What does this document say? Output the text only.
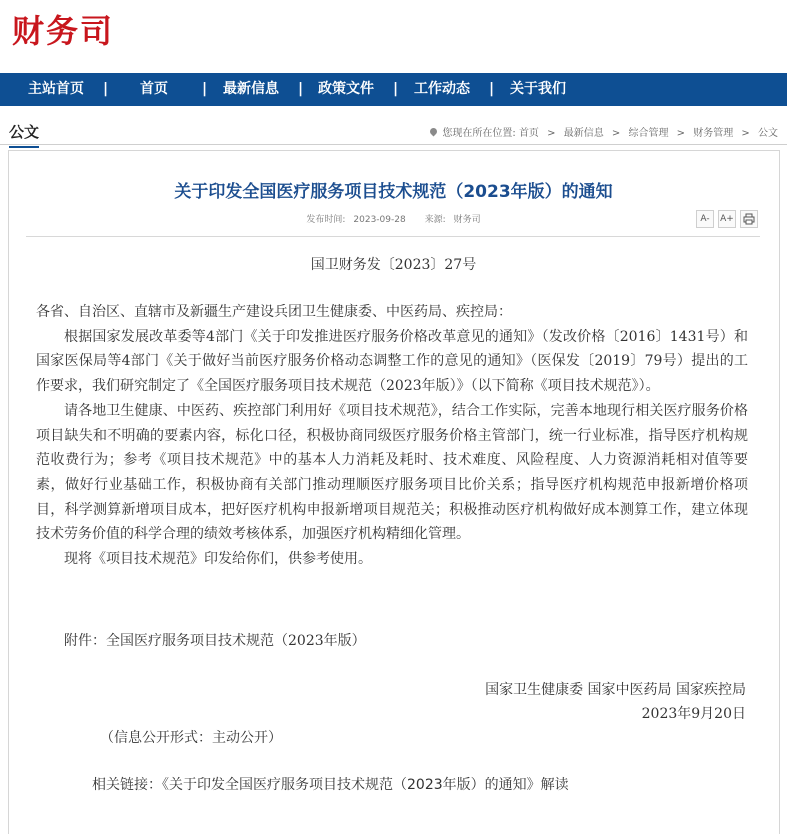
财务司
主站首页 | 首页 | 最新信息 | 政策文件 | 工作动态 | 关于我们
公文	您现在所在位置: 首页 > 最新信息 > 综合管理 > 财务管理 > 公文
关于印发全国医疗服务项目技术规范（2023年版）的通知
发布时间: 2023-09-28 来源: 财务司	A-	A+
国卫财务发〔2023〕27号

各省、自治区、直辖市及新疆生产建设兵团卫生健康委、中医药局、疾控局：

根据国家发展改革委等4部门《关于印发推进医疗服务价格改革意见的通知》（发改价格〔2016〕1431号）和国家医保局等4部门《关于做好当前医疗服务价格动态调整工作的意见的通知》（医保发〔2019〕79号）提出的工作要求，我们研究制定了《全国医疗服务项目技术规范（2023年版）》（以下简称《项目技术规范》）。

请各地卫生健康、中医药、疾控部门利用好《项目技术规范》，结合工作实际，完善本地现行相关医疗服务价格项目缺失和不明确的要素内容，标化口径，积极协商同级医疗服务价格主管部门，统一行业标准，指导医疗机构规范收费行为；参考《项目技术规范》中的基本人力消耗及耗时、技术难度、风险程度、人力资源消耗相对值等要素，做好行业基础工作，积极协商有关部门推动理顺医疗服务项目比价关系；指导医疗机构规范申报新增价格项目，科学测算新增项目成本，把好医疗机构申报新增项目规范关；积极推动医疗机构做好成本测算工作，建立体现技术劳务价值的科学合理的绩效考核体系，加强医疗机构精细化管理。

现将《项目技术规范》印发给你们，供参考使用。

附件：全国医疗服务项目技术规范（2023年版）
国家卫生健康委 国家中医药局 国家疾控局
2023年9月20日
（信息公开形式：主动公开）
相关链接：《关于印发全国医疗服务项目技术规范（2023年版）的通知》解读
